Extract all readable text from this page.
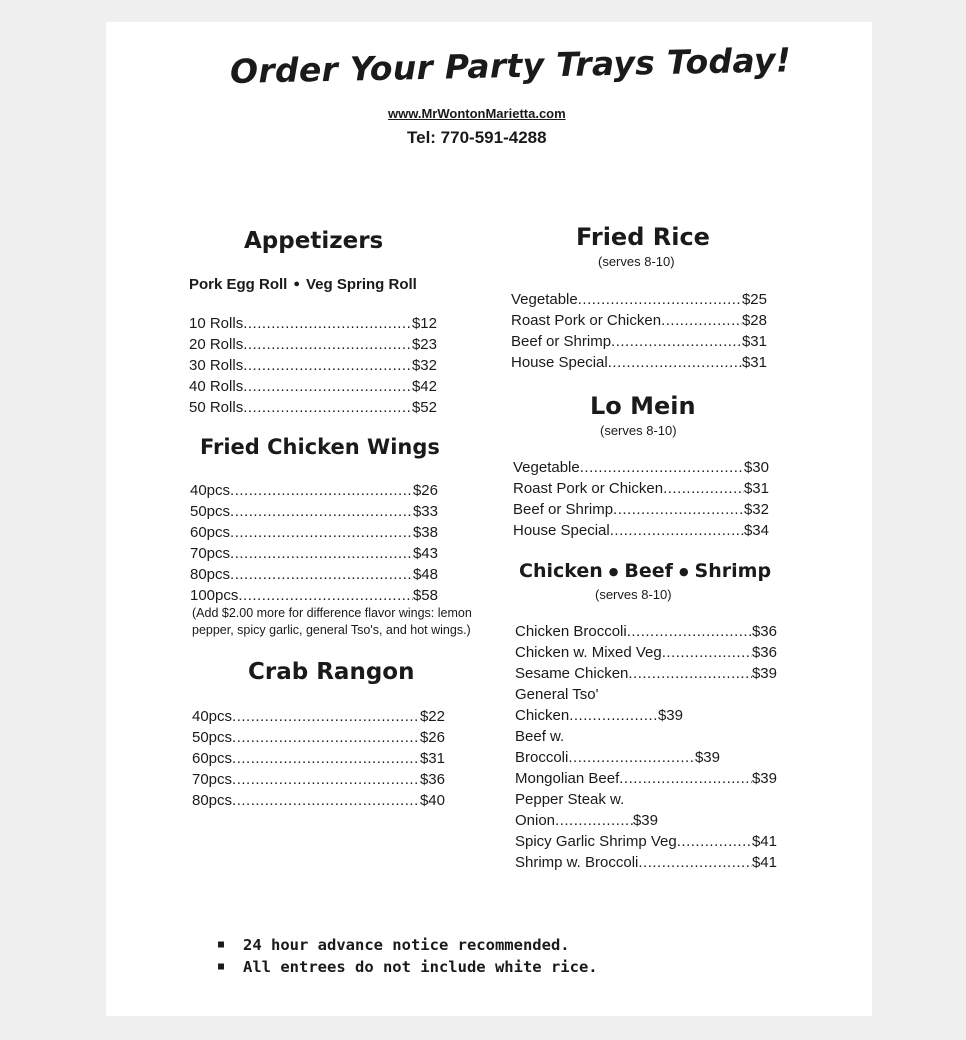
Order Your Party Trays Today!
www.MrWontonMarietta.com
Tel: 770-591-4288
Appetizers
Pork Egg Roll ● Veg Spring Roll
10 Rolls .....	$12
20 Rolls .....	$23
30 Rolls .....	$32
40 Rolls .....	$42
50 Rolls .....	$52
Fried Chicken Wings
40pcs .....	$26
50pcs .....	$33
60pcs .....	$38
70pcs .....	$43
80pcs .....	$48
100pcs .....	$58
(Add $2.00 more for difference flavor wings: lemon pepper, spicy garlic, general Tso's, and hot wings.)
Crab Rangon
40pcs .....	$22
50pcs .....	$26
60pcs .....	$31
70pcs .....	$36
80pcs .....	$40
Fried Rice
(serves 8-10)
Vegetable .....	$25
Roast Pork or Chicken .....	$28
Beef or Shrimp .....	$31
House Special .....	$31
Lo Mein
(serves 8-10)
Vegetable .....	$30
Roast Pork or Chicken .....	$31
Beef or Shrimp .....	$32
House Special .....	$34
Chicken ● Beef ● Shrimp
(serves 8-10)
Chicken Broccoli .....	$36
Chicken w. Mixed Veg .....	$36
Sesame Chicken .....	$39
General Tso'
Chicken .....	$39
Beef w.
Broccoli .....	$39
Mongolian Beef .....	$39
Pepper Steak w.
Onion .....	$39
Spicy Garlic Shrimp Veg .....	$41
Shrimp w. Broccoli .....	$41
■	24 hour advance notice recommended.
■	All entrees do not include white rice.
